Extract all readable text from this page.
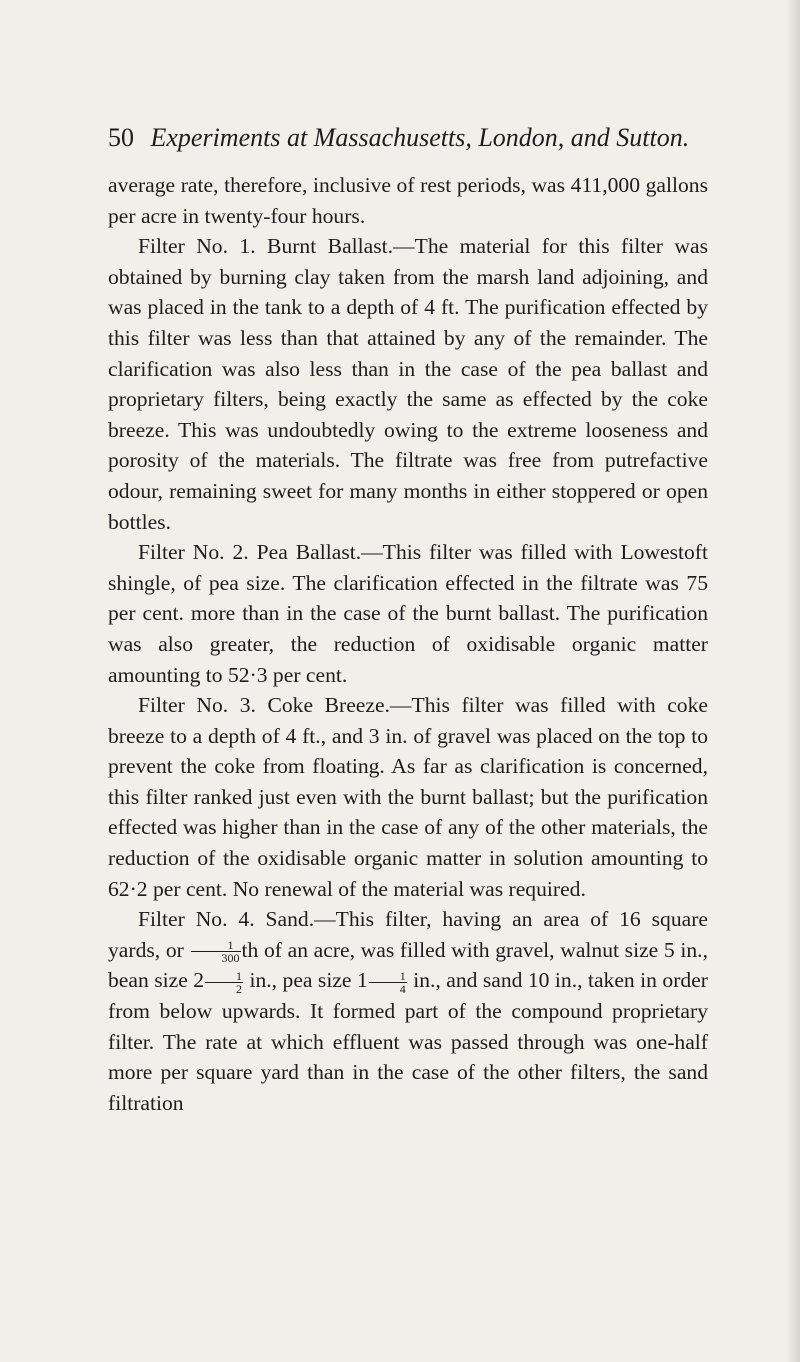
50 Experiments at Massachusetts, London, and Sutton.

average rate, therefore, inclusive of rest periods, was 411,000 gallons per acre in twenty-four hours.

Filter No. 1. Burnt Ballast.—The material for this filter was obtained by burning clay taken from the marsh land adjoining, and was placed in the tank to a depth of 4 ft. The purification effected by this filter was less than that attained by any of the remainder. The clarification was also less than in the case of the pea ballast and proprietary filters, being exactly the same as effected by the coke breeze. This was undoubtedly owing to the extreme looseness and porosity of the materials. The filtrate was free from putrefactive odour, remaining sweet for many months in either stoppered or open bottles.

Filter No. 2. Pea Ballast.—This filter was filled with Lowestoft shingle, of pea size. The clarification effected in the filtrate was 75 per cent. more than in the case of the burnt ballast. The purification was also greater, the reduction of oxidisable organic matter amounting to 52·3 per cent.

Filter No. 3. Coke Breeze.—This filter was filled with coke breeze to a depth of 4 ft., and 3 in. of gravel was placed on the top to prevent the coke from floating. As far as clarification is concerned, this filter ranked just even with the burnt ballast; but the purification effected was higher than in the case of any of the other materials, the reduction of the oxidisable organic matter in solution amounting to 62·2 per cent. No renewal of the material was required.

Filter No. 4. Sand.—This filter, having an area of 16 square yards, or $\frac{1}{300}$ th of an acre, was filled with gravel, walnut size 5 in., bean size $2 \frac{1}{2}$ in., pea size $1 \frac{1}{4}$ in., and sand 10 in., taken in order from below upwards. It formed part of the compound proprietary filter. The rate at which effluent was passed through was one-half more per square yard than in the case of the other filters, the sand filtration
